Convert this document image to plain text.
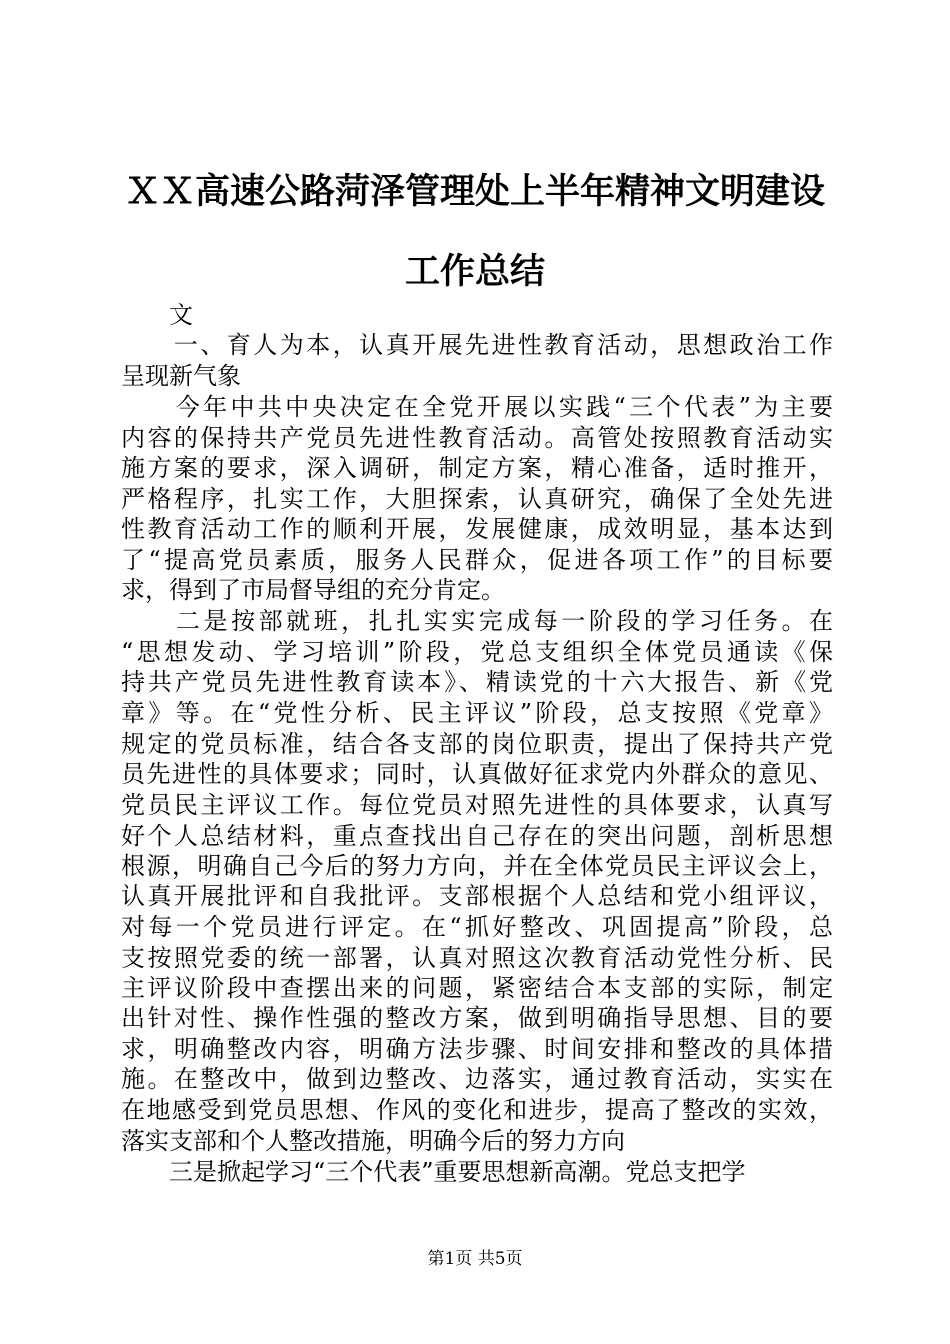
ＸＸ高速公路菏泽管理处上半年精神文明建设
工作总结

　　文

　　一、育人为本，认真开展先进性教育活动，思想政治工作

呈现新气象

　　今年中共中央决定在全党开展以实践“三个代表”为主要

内容的保持共产党员先进性教育活动。高管处按照教育活动实

施方案的要求，深入调研，制定方案，精心准备，适时推开，

严格程序，扎实工作，大胆探索，认真研究，确保了全处先进

性教育活动工作的顺利开展，发展健康，成效明显，基本达到

了“提高党员素质，服务人民群众，促进各项工作”的目标要

求，得到了市局督导组的充分肯定。

　　二是按部就班，扎扎实实完成每一阶段的学习任务。在

“思想发动、学习培训”阶段，党总支组织全体党员通读《保

持共产党员先进性教育读本》、精读党的十六大报告、新《党

章》等。在“党性分析、民主评议”阶段，总支按照《党章》

规定的党员标准，结合各支部的岗位职责，提出了保持共产党

员先进性的具体要求；同时，认真做好征求党内外群众的意见、

党员民主评议工作。每位党员对照先进性的具体要求，认真写

好个人总结材料，重点查找出自己存在的突出问题，剖析思想

根源，明确自己今后的努力方向，并在全体党员民主评议会上，

认真开展批评和自我批评。支部根据个人总结和党小组评议，

对每一个党员进行评定。在“抓好整改、巩固提高”阶段，总

支按照党委的统一部署，认真对照这次教育活动党性分析、民

主评议阶段中查摆出来的问题，紧密结合本支部的实际，制定

出针对性、操作性强的整改方案，做到明确指导思想、目的要

求，明确整改内容，明确方法步骤、时间安排和整改的具体措

施。在整改中，做到边整改、边落实，通过教育活动，实实在

在地感受到党员思想、作风的变化和进步，提高了整改的实效，

落实支部和个人整改措施，明确今后的努力方向

　　三是掀起学习“三个代表”重要思想新高潮。党总支把学

第1页 共5页
